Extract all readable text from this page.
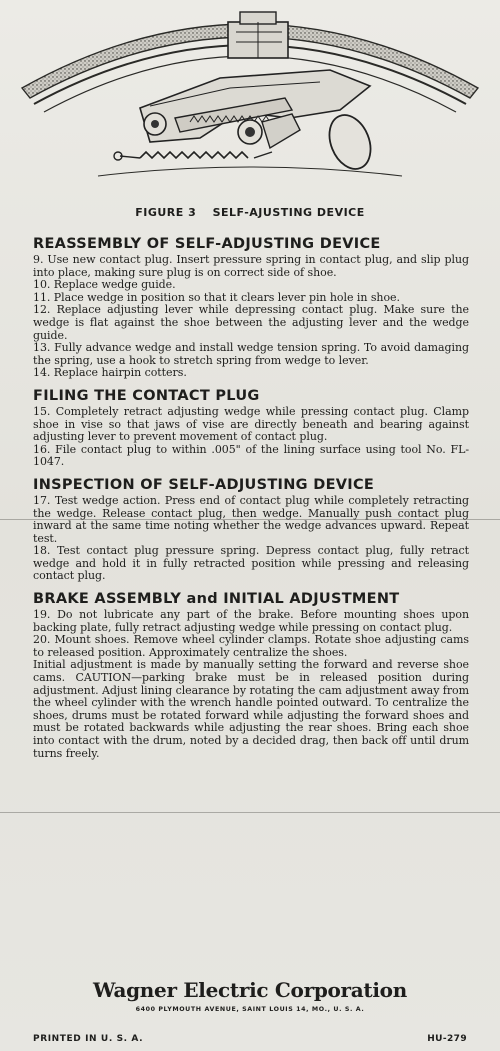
FIGURE 3 SELF-AJUSTING DEVICE
REASSEMBLY OF SELF-ADJUSTING DEVICE

9. Use new contact plug. Insert pressure spring in contact plug, and slip plug into place, making sure plug is on correct side of shoe.

10. Replace wedge guide.

11. Place wedge in position so that it clears lever pin hole in shoe.

12. Replace adjusting lever while depressing contact plug. Make sure the wedge is flat against the shoe between the adjusting lever and the wedge guide.

13. Fully advance wedge and install wedge tension spring. To avoid damaging the spring, use a hook to stretch spring from wedge to lever.

14. Replace hairpin cotters.

FILING THE CONTACT PLUG

15. Completely retract adjusting wedge while pressing contact plug. Clamp shoe in vise so that jaws of vise are directly beneath and bearing against adjusting lever to prevent movement of contact plug.

16. File contact plug to within .005" of the lining surface using tool No. FL-1047.

INSPECTION OF SELF-ADJUSTING DEVICE

17. Test wedge action. Press end of contact plug while completely retracting the wedge. Release contact plug, then wedge. Manually push contact plug inward at the same time noting whether the wedge advances upward. Repeat test.

18. Test contact plug pressure spring. Depress contact plug, fully retract wedge and hold it in fully retracted position while pressing and releasing contact plug.

BRAKE ASSEMBLY and INITIAL ADJUSTMENT

19. Do not lubricate any part of the brake. Before mounting shoes upon backing plate, fully retract adjusting wedge while pressing on contact plug.

20. Mount shoes. Remove wheel cylinder clamps. Rotate shoe adjusting cams to released position. Approximately centralize the shoes.

Initial adjustment is made by manually setting the forward and reverse shoe cams. CAUTION—parking brake must be in released position during adjustment. Adjust lining clearance by rotating the cam adjustment away from the wheel cylinder with the wrench handle pointed outward. To centralize the shoes, drums must be rotated forward while adjusting the forward shoes and must be rotated backwards while adjusting the rear shoes. Bring each shoe into contact with the drum, noted by a decided drag, then back off until drum turns freely.

Wagner Electric Corporation
6400 PLYMOUTH AVENUE, SAINT LOUIS 14, MO., U. S. A.
PRINTED IN U. S. A.	HU-279
